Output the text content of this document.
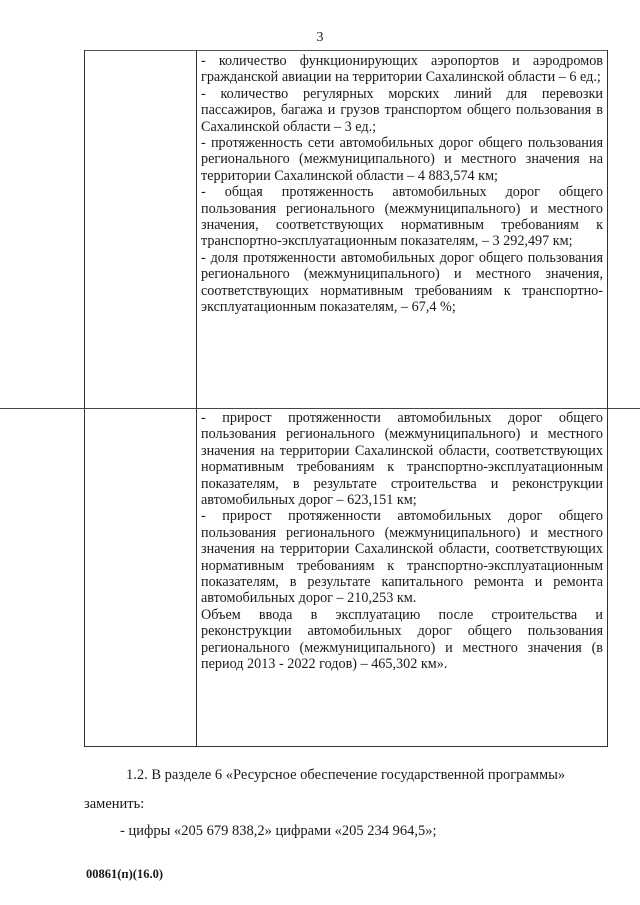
3

- количество функционирующих аэропортов и аэродромов гражданской авиации на территории Сахалинской области – 6 ед.;

- количество регулярных морских линий для перевозки пассажиров, багажа и грузов транспортом общего пользования в Сахалинской области – 3 ед.;

- протяженность сети автомобильных дорог общего пользования регионального (межмуниципального) и местного значения на территории Сахалинской области – 4 883,574 км;

- общая протяженность автомобильных дорог общего пользования регионального (межмуниципального) и местного значения, соответствующих нормативным требованиям к транспортно-эксплуатационным показателям, – 3 292,497 км;

- доля протяженности автомобильных дорог общего пользования регионального (межмуниципального) и местного значения, соответствующих нормативным требованиям к транспортно-эксплуатационным показателям, – 67,4 %;

- прирост протяженности автомобильных дорог общего пользования регионального (межмуниципального) и местного значения на территории Сахалинской области, соответствующих нормативным требованиям к транспортно-эксплуатационным показателям, в результате строительства и реконструкции автомобильных дорог – 623,151 км;

- прирост протяженности автомобильных дорог общего пользования регионального (межмуниципального) и местного значения на территории Сахалинской области, соответствующих нормативным требованиям к транспортно-эксплуатационным показателям, в результате капитального ремонта и ремонта автомобильных дорог – 210,253 км.

Объем ввода в эксплуатацию после строительства и реконструкции автомобильных дорог общего пользования регионального (межмуниципального) и местного значения (в период 2013 - 2022 годов) – 465,302 км».

1.2. В разделе 6 «Ресурсное обеспечение государственной программы»
заменить:
- цифры «205 679 838,2» цифрами «205 234 964,5»;
00861(п)(16.0)
